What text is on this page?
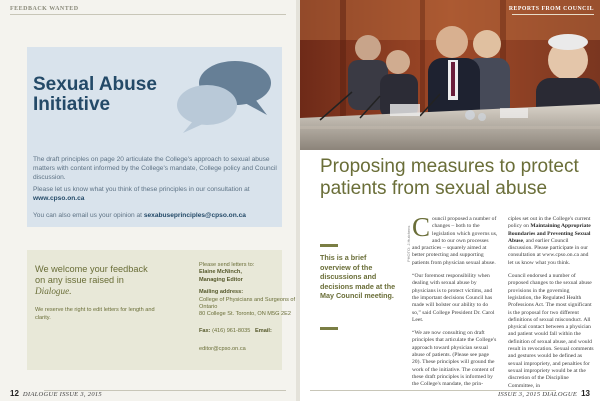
FEEDBACK WANTED
Sexual Abuse
Initiative

The draft principles on page 20 articulate the College's approach to sexual abuse matters with content informed by the College's mandate, College policy and Council discussion.

Please let us know what you think of these principles in our consultation at www.cpso.on.ca

You can also email us your opinion at sexabuseprinciples@cpso.on.ca

We welcome your feedback on any issue raised in Dialogue.

We reserve the right to edit letters for length and clarity.

Please send letters to:
Elaine McNinch,
Managing Editor
Mailing address:
College of Physicians and Surgeons of Ontario
80 College St. Toronto, ON M5G 2E2
Fax: (416) 961-8035 Email: editor@cpso.on.ca
12 DIALOGUE ISSUE 3, 2015
REPORTS FROM COUNCIL
Proposing measures to protect patients from sexual abuse

This is a brief overview of the discussions and decisions made at the May Council meeting.

PHOTO: J.Hutchens Council proposed a number of changes – both to the legislation which governs us, and to our own processes and practices – squarely aimed at better protecting and supporting patients from physician sexual abuse.

“Our foremost responsibility when dealing with sexual abuse by physicians is to protect victims, and the important decisions Council has made will bolster our ability to do so,” said College President Dr. Carol Leet.

“We are now consulting on draft principles that articulate the College's approach toward physician sexual abuse of patients. (Please see page 20). These principles will ground the work of the initiative. The content of these draft principles is informed by the College's mandate, the prin-

ciples set out in the College's current policy on Maintaining Appropriate Boundaries and Preventing Sexual Abuse, and earlier Council discussion. Please participate in our consultation at www.cpso.on.ca and let us know what you think.

Council endorsed a number of proposed changes to the sexual abuse provisions in the governing legislation, the Regulated Health Professions Act. The most significant is the proposal for two different definitions of sexual misconduct. All physical contact between a physician and patient would fall within the definition of sexual abuse, and would result in revocation. Sexual comments and gestures would be defined as sexual impropriety, and penalties for sexual impropriety would be at the discretion of the Discipline Committee, in

ISSUE 3, 2015 DIALOGUE 13
